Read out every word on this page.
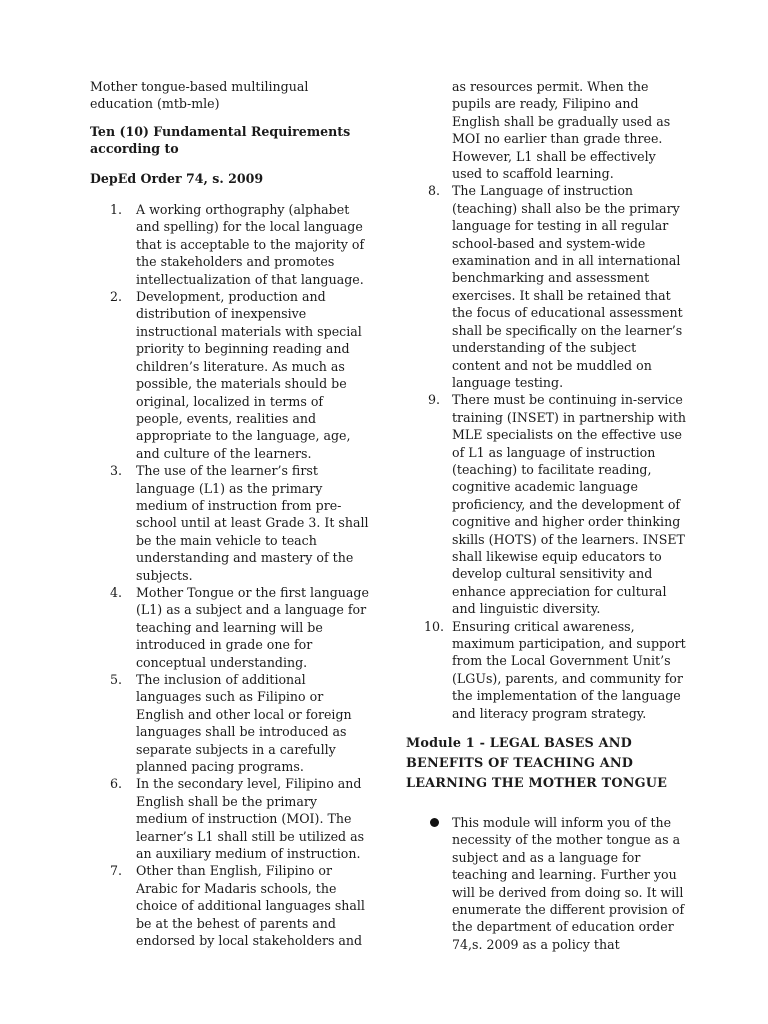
Mother tongue-based multilingual education (mtb-mle)

Ten (10) Fundamental Requirements according to

DepEd Order 74, s. 2009

1.	A working orthography (alphabet and spelling) for the local language that is acceptable to the majority of the stakeholders and promotes intellectualization of that language.
2.	Development, production and distribution of inexpensive instructional materials with special priority to beginning reading and children’s literature. As much as possible, the materials should be original, localized in terms of people, events, realities and appropriate to the language, age, and culture of the learners.
3.	The use of the learner’s first language (L1) as the primary medium of instruction from pre-school until at least Grade 3. It shall be the main vehicle to teach understanding and mastery of the subjects.
4.	Mother Tongue or the first language (L1) as a subject and a language for teaching and learning will be introduced in grade one for conceptual understanding.
5.	The inclusion of additional languages such as Filipino or English and other local or foreign languages shall be introduced as separate subjects in a carefully planned pacing programs.
6.	In the secondary level, Filipino and English shall be the primary medium of instruction (MOI). The learner’s L1 shall still be utilized as an auxiliary medium of instruction.
7.	Other than English, Filipino or Arabic for Madaris schools, the choice of additional languages shall be at the behest of parents and endorsed by local stakeholders and

as resources permit. When the pupils are ready, Filipino and English shall be gradually used as MOI no earlier than grade three. However, L1 shall be effectively used to scaffold learning.

8. The Language of instruction (teaching) shall also be the primary language for testing in all regular school-based and system-wide examination and in all international benchmarking and assessment exercises. It shall be retained that the focus of educational assessment shall be specifically on the learner’s understanding of the subject content and not be muddled on language testing.
9. There must be continuing in-service training (INSET) in partnership with MLE specialists on the effective use of L1 as language of instruction (teaching) to facilitate reading, cognitive academic language proficiency, and the development of cognitive and higher order thinking skills (HOTS) of the learners. INSET shall likewise equip educators to develop cultural sensitivity and enhance appreciation for cultural and linguistic diversity.
10. Ensuring critical awareness, maximum participation, and support from the Local Government Unit’s (LGUs), parents, and community for the implementation of the language and literacy program strategy.

Module 1 - LEGAL BASES AND BENEFITS OF TEACHING AND LEARNING THE MOTHER TONGUE

This module will inform you of the necessity of the mother tongue as a subject and as a language for teaching and learning. Further you will be derived from doing so. It will enumerate the different provision of the department of education order 74,s. 2009 as a policy that
